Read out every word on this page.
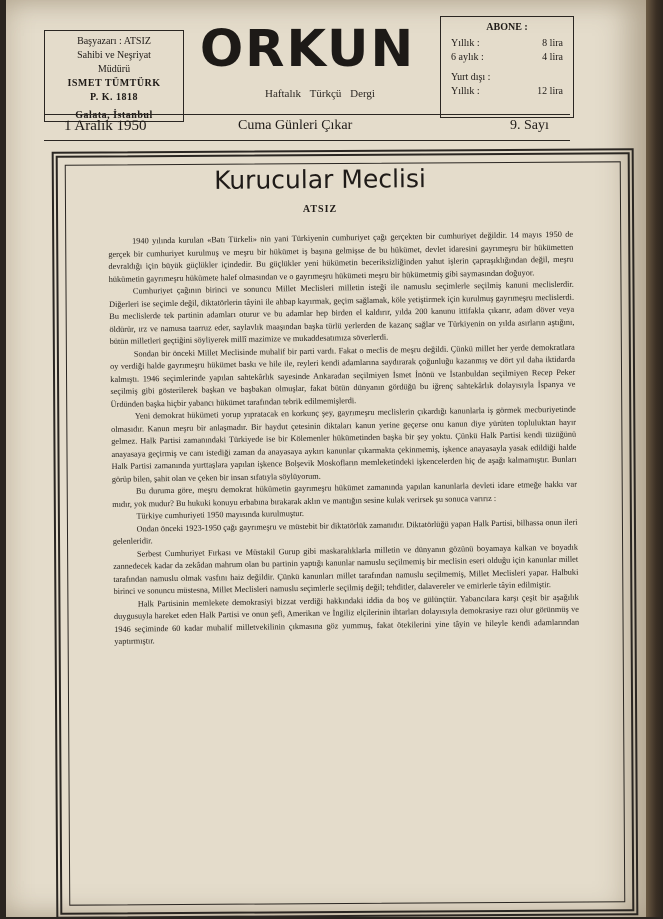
Başyazarı : ATSIZ
Sahibi ve Neşriyat
Müdürü
ISMET TÜMTÜRK
P. K. 1818
Galata, İstanbul
ORKUN
Haftalık Türkçü Dergi
ABONE :
Yıllık :	8 lira
6 aylık :	4 lira
Yurt dışı :
Yıllık :	12 lira
1 Aralık 1950	Cuma Günleri Çıkar	9. Sayı
Kurucular Meclisi
ATSIZ

1940 yılında kurulan «Batı Türkeli» nin yani Türkiyenin cumhuriyet çağı gerçekten bir cumhuriyet değildir. 14 mayıs 1950 de gerçek bir cumhuriyet kurulmuş ve meşru bir hükümet iş başına gelmişse de bu hükümet, devlet idaresini gayrımeşru bir hükümetten devraldığı için büyük güçlükler içindedir. Bu güçlükler yeni hükümetin beceriksizliğinden yahut işlerin çapraşıklığından değil, meşru hükümetin gayrımeşru hükümete halef olmasından ve o gayrımeşru hükümeti meşru bir hükümetmiş gibi saymasından doğuyor.

Cumhuriyet çağının birinci ve sonuncu Millet Meclisleri milletin isteği ile namuslu seçimlerle seçilmiş kanuni meclislerdir. Diğerleri ise seçimle değil, diktatörlerin tâyini ile ahbap kayırmak, geçim sağlamak, köle yetiştirmek için kurulmuş gayrımeşru meclislerdi. Bu meclislerde tek partinin adamları oturur ve bu adamlar hep birden el kaldırır, yılda 200 kanunu ittifakla çıkarır, adam döver veya öldürür, ırz ve namusa taarruz eder, saylavlık maaşından başka türlü yerlerden de kazanç sağlar ve Türkiyenin on yılda asırların aştığını, bütün milletleri geçtiğini söyliyerek millî mazimize ve mukaddesatımıza söverlerdi.

Sondan bir önceki Millet Meclisinde muhalif bir parti vardı. Fakat o meclis de meşru değildi. Çünkü millet her yerde demokratlara oy verdiği halde gayrımeşru hükümet baskı ve hile ile, reyleri kendi adamlarına saydırarak çoğunluğu kazanmış ve dört yıl daha iktidarda kalmıştı. 1946 seçimlerinde yapılan sahtekârlık sayesinde Ankaradan seçilmiyen İsmet İnönü ve İstanbuldan seçilmiyen Recep Peker seçilmiş gibi gösterilerek başkan ve başbakan olmuşlar, fakat bütün dünyanın gördüğü bu iğrenç sahtekârlık dolayısıyla İspanya ve Ürdünden başka hiçbir yabancı hükümet tarafından tebrik edilmemişlerdi.

Yeni demokrat hükümeti yorup yıpratacak en korkunç şey, gayrımeşru meclislerin çıkardığı kanunlarla iş görmek mecburiyetinde olmasıdır. Kanun meşru bir anlaşmadır. Bir haydut çetesinin diktaları kanun yerine geçerse onu kanun diye yürüten topluluktan hayır gelmez. Halk Partisi zamanındaki Türkiyede ise bir Kölemenler hükümetinden başka bir şey yoktu. Çünkü Halk Partisi kendi tüzüğünü anayasaya geçirmiş ve canı istediği zaman da anayasaya aykırı kanunlar çıkarmakta çekinmemiş, işkence anayasayla yasak edildiği halde Halk Partisi zamanında yurttaşlara yapılan işkence Bolşevik Moskofların memleketindeki işkencelerden hiç de aşağı kalmamıştır. Bunları görüp bilen, şahit olan ve çeken bir insan sıfatıyla söylüyorum.

Bu duruma göre, meşru demokrat hükümetin gayrımeşru hükümet zamanında yapılan kanunlarla devleti idare etmeğe hakkı var mıdır, yok mudur? Bu hukuki konuyu erbabına bırakarak aklın ve mantığın sesine kulak verirsek şu sonuca varırız :

Türkiye cumhuriyeti 1950 mayısında kurulmuştur.

Ondan önceki 1923-1950 çağı gayrımeşru ve müstebit bir diktatörlük zamanıdır. Diktatörlüğü yapan Halk Partisi, bilhassa onun ileri gelenleridir.

Serbest Cumhuriyet Fırkası ve Müstakil Gurup gibi maskaralıklarla milletin ve dünyanın gözünü boyamaya kalkan ve boyadık zannedecek kadar da zekâdan mahrum olan bu partinin yaptığı kanunlar namuslu seçilmemiş bir meclisin eseri olduğu için kanunlar millet tarafından namuslu olmak vasfını haiz değildir. Çünkü kanunları millet tarafından namuslu seçilmemiş, Millet Meclisleri yapar. Halbuki birinci ve sonuncu müstesna, Millet Meclisleri namuslu seçimlerle seçilmiş değil; tehditler, dalavereler ve emirlerle tâyin edilmiştir.

Halk Partisinin memlekete demokrasiyi bizzat verdiği hakkındaki iddia da boş ve gülünçtür. Yabancılara karşı çeşit bir aşağılık duygusuyla hareket eden Halk Partisi ve onun şefi, Amerikan ve İngiliz elçilerinin ihtarları dolayısıyla demokrasiye razı olur görünmüş ve 1946 seçiminde 60 kadar muhalif milletvekilinin çıkmasına göz yummuş, fakat ötekilerini yine tâyin ve hileyle kendi adamlarından yaptırmıştır.
